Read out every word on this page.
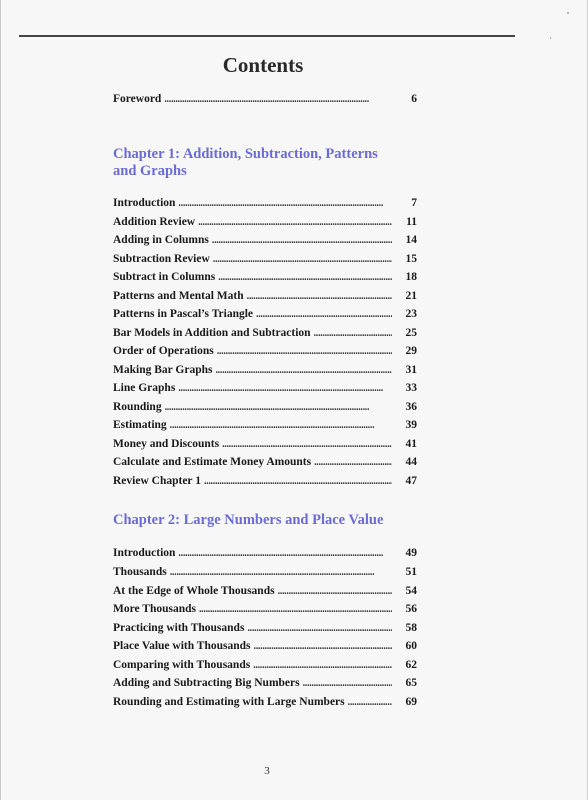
Contents
Foreword . . .	6
Chapter 1: Addition, Subtraction, Patterns
and Graphs
Introduction . . .	7
Addition Review . . .	11
Adding in Columns . . .	14
Subtraction Review . . .	15
Subtract in Columns . . .	18
Patterns and Mental Math . . .	21
Patterns in Pascal’s Triangle . . .	23
Bar Models in Addition and Subtraction . . .	25
Order of Operations . . .	29
Making Bar Graphs . . .	31
Line Graphs . . .	33
Rounding . . .	36
Estimating . . .	39
Money and Discounts . . .	41
Calculate and Estimate Money Amounts . . .	44
Review Chapter 1 . . .	47
Chapter 2: Large Numbers and Place Value
Introduction . . .	49
Thousands . . .	51
At the Edge of Whole Thousands . . .	54
More Thousands . . .	56
Practicing with Thousands . . .	58
Place Value with Thousands . . .	60
Comparing with Thousands . . .	62
Adding and Subtracting Big Numbers . . .	65
Rounding and Estimating with Large Numbers . . .	69
3
